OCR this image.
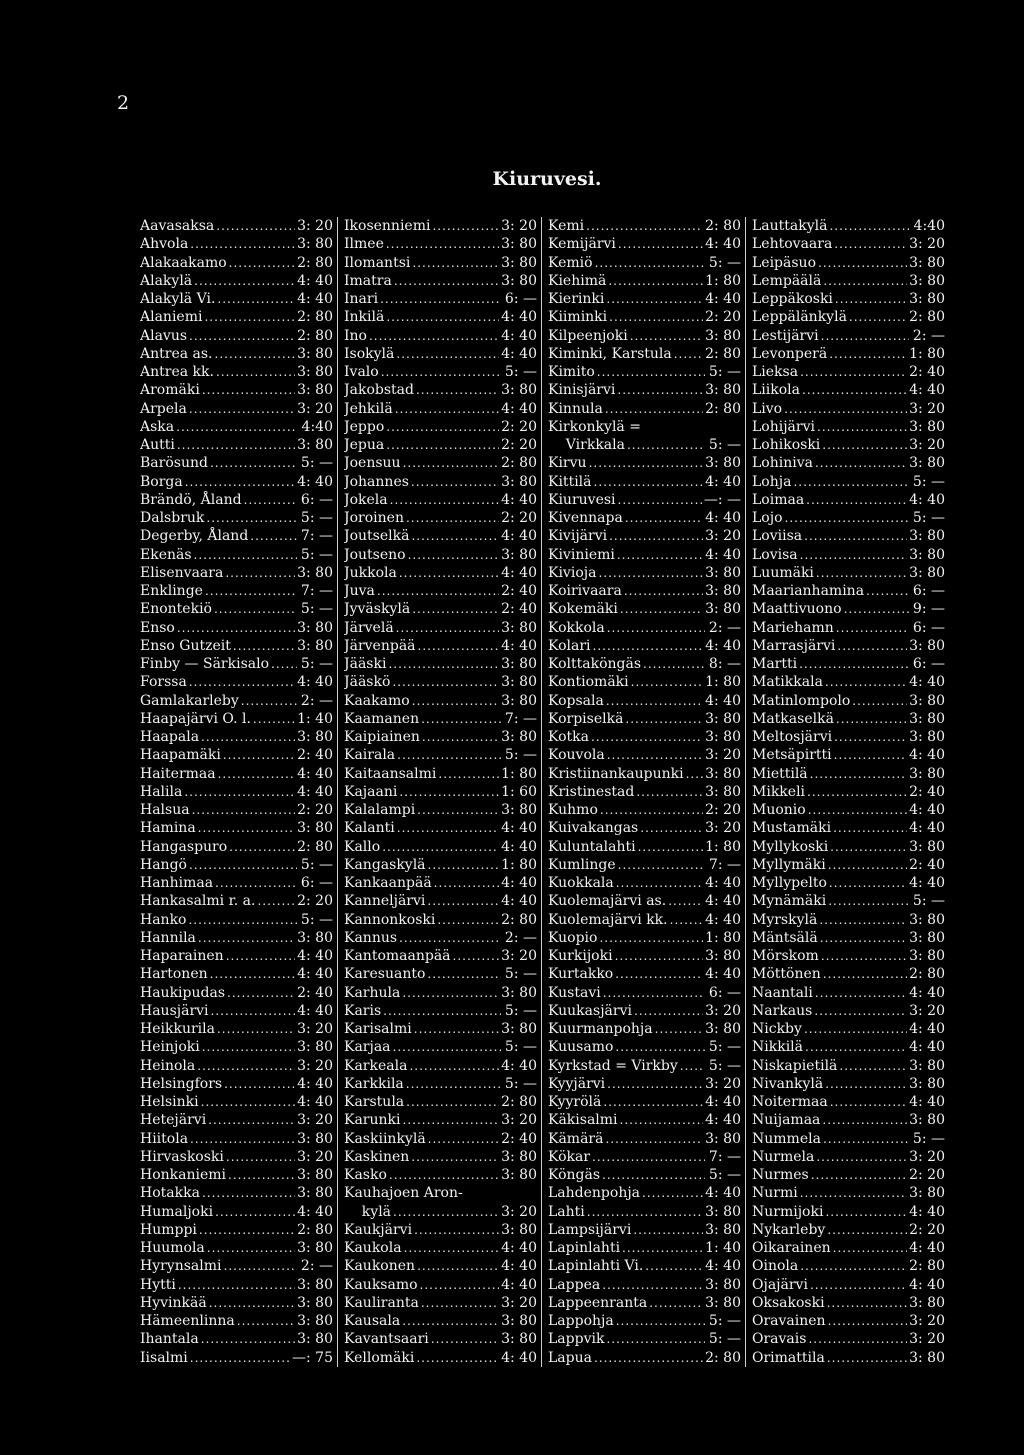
2
Kiuruvesi.
Aavasaksa .....	3: 20
Ahvola .....	3: 80
Alakaakamo .....	2: 80
Alakylä .....	4: 40
Alakylä Vi. .....	4: 40
Alaniemi .....	2: 80
Alavus .....	2: 80
Antrea as. .....	3: 80
Antrea kk. .....	3: 80
Aromäki .....	3: 80
Arpela .....	3: 20
Aska .....	4:40
Autti .....	3: 80
Barösund .....	5: —
Borga .....	4: 40
Brändö, Åland .....	6: —
Dalsbruk .....	5: —
Degerby, Åland .....	7: —
Ekenäs .....	5: —
Elisenvaara .....	3: 80
Enklinge .....	7: —
Enontekiö .....	5: —
Enso .....	3: 80
Enso Gutzeit .....	3: 80
Finby — Särkisalo ..... 5: —
Forssa .....	4: 40
Gamlakarleby .....	2: —
Haapajärvi O. l. .....	1: 40
Haapala .....	3: 80
Haapamäki .....	2: 40
Haitermaa .....	4: 40
Halila .....	4: 40
Halsua .....	2: 20
Hamina .....	3: 80
Hangaspuro .....	2: 80
Hangö .....	5: —
Hanhimaa .....	6: —
Hankasalmi r. a. .....	2: 20
Hanko .....	5: —
Hannila .....	3: 80
Haparainen .....	4: 40
Hartonen .....	4: 40
Haukipudas .....	2: 40
Hausjärvi .....	4: 40
Heikkurila .....	3: 20
Heinjoki .....	3: 80
Heinola .....	3: 20
Helsingfors .....	4: 40
Helsinki .....	4: 40
Hetejärvi .....	3: 20
Hiitola .....	3: 80
Hirvaskoski .....	3: 20
Honkaniemi .....	3: 80
Hotakka .....	3: 80
Humaljoki .....	4: 40
Humppi .....	2: 80
Huumola .....	3: 80
Hyrynsalmi .....	2: —
Hytti .....	3: 80
Hyvinkää .....	3: 80
Hämeenlinna .....	3: 80
Ihantala .....	3: 80
Iisalmi .....	—: 75
Ikosenniemi .....	3: 20
Ilmee .....	3: 80
Ilomantsi .....	3: 80
Imatra .....	3: 80
Inari .....	6: —
Inkilä .....	4: 40
Ino .....	4: 40
Isokylä .....	4: 40
Ivalo .....	5: —
Jakobstad .....	3: 80
Jehkilä .....	4: 40
Jeppo .....	2: 20
Jepua .....	2: 20
Joensuu .....	2: 80
Johannes .....	3: 80
Jokela .....	4: 40
Joroinen .....	2: 20
Joutselkä .....	4: 40
Joutseno .....	3: 80
Jukkola .....	4: 40
Juva .....	2: 40
Jyväskylä .....	2: 40
Järvelä .....	3: 80
Järvenpää .....	4: 40
Jääski .....	3: 80
Jääskö .....	3: 80
Kaakamo .....	3: 80
Kaamanen .....	7: —
Kaipiainen .....	3: 80
Kairala .....	5: —
Kaitaansalmi .....	1: 80
Kajaani .....	1: 60
Kalalampi .....	3: 80
Kalanti .....	4: 40
Kallo .....	4: 40
Kangaskylä .....	1: 80
Kankaanpää .....	4: 40
Kanneljärvi .....	4: 40
Kannonkoski .....	2: 80
Kannus .....	2: —
Kantomaanpää .....	3: 20
Karesuanto .....	5: —
Karhula .....	3: 80
Karis .....	5: —
Karisalmi .....	3: 80
Karjaa .....	5: —
Karkeala .....	4: 40
Karkkila .....	5: —
Karstula .....	2: 80
Karunki .....	3: 20
Kaskiinkylä .....	2: 40
Kaskinen .....	3: 80
Kasko .....	3: 80
Kauhajoen Aron-
kylä .....	3: 20
Kaukjärvi .....	3: 80
Kaukola .....	4: 40
Kaukonen .....	4: 40
Kauksamo .....	4: 40
Kauliranta .....	3: 20
Kausala .....	3: 80
Kavantsaari .....	3: 80
Kellomäki .....	4: 40
Kemi .....	2: 80
Kemijärvi .....	4: 40
Kemiö .....	5: —
Kiehimä .....	1: 80
Kierinki .....	4: 40
Kiiminki .....	2: 20
Kilpeenjoki .....	3: 80
Kiminki, Karstula ..... 2: 80
Kimito .....	5: —
Kinisjärvi .....	3: 80
Kinnula .....	2: 80
Kirkonkylä =
Virkkala .....	5: —
Kirvu .....	3: 80
Kittilä .....	4: 40
Kiuruvesi .....	—: —
Kivennapa .....	4: 40
Kivijärvi .....	3: 20
Kiviniemi .....	4: 40
Kivioja .....	3: 80
Koirivaara .....	3: 80
Kokemäki .....	3: 80
Kokkola .....	2: —
Kolari .....	4: 40
Kolttaköngäs .....	8: —
Kontiomäki .....	1: 80
Kopsala .....	4: 40
Korpiselkä .....	3: 80
Kotka .....	3: 80
Kouvola .....	3: 20
Kristiinankaupunki ..... 3: 80
Kristinestad .....	3: 80
Kuhmo .....	2: 20
Kuivakangas .....	3: 20
Kuluntalahti .....	1: 80
Kumlinge .....	7: —
Kuokkala .....	4: 40
Kuolemajärvi as. .....	4: 40
Kuolemajärvi kk. .....	4: 40
Kuopio .....	1: 80
Kurkijoki .....	3: 80
Kurtakko .....	4: 40
Kustavi .....	6: —
Kuukasjärvi .....	3: 20
Kuurmanpohja .....	3: 80
Kuusamo .....	5: —
Kyrkstad = Virkby ..... 5: —
Kyyjärvi .....	3: 20
Kyyrölä .....	4: 40
Käkisalmi .....	4: 40
Kämärä .....	3: 80
Kökar .....	7: —
Köngäs .....	5: —
Lahdenpohja .....	4: 40
Lahti .....	3: 80
Lampsijärvi .....	3: 80
Lapinlahti .....	1: 40
Lapinlahti Vi. .....	4: 40
Lappea .....	3: 80
Lappeenranta .....	3: 80
Lappohja .....	5: —
Lappvik .....	5: —
Lapua .....	2: 80
Lauttakylä .....	4:40
Lehtovaara .....	3: 20
Leipäsuo .....	3: 80
Lempäälä .....	3: 80
Leppäkoski .....	3: 80
Leppälänkylä .....	2: 80
Lestijärvi .....	2: —
Levonperä .....	1: 80
Lieksa .....	2: 40
Liikola .....	4: 40
Livo .....	3: 20
Lohijärvi .....	3: 80
Lohikoski .....	3: 20
Lohiniva .....	3: 80
Lohja .....	5: —
Loimaa .....	4: 40
Lojo .....	5: —
Loviisa .....	3: 80
Lovisa .....	3: 80
Luumäki .....	3: 80
Maarianhamina .....	6: —
Maattivuono .....	9: —
Mariehamn .....	6: —
Marrasjärvi .....	3: 80
Martti .....	6: —
Matikkala .....	4: 40
Matinlompolo .....	3: 80
Matkaselkä .....	3: 80
Meltosjärvi .....	3: 80
Metsäpirtti .....	4: 40
Miettilä .....	3: 80
Mikkeli .....	2: 40
Muonio .....	4: 40
Mustamäki .....	4: 40
Myllykoski .....	3: 80
Myllymäki .....	2: 40
Myllypelto .....	4: 40
Mynämäki .....	5: —
Myrskylä .....	3: 80
Mäntsälä .....	3: 80
Mörskom .....	3: 80
Möttönen .....	2: 80
Naantali .....	4: 40
Narkaus .....	3: 20
Nickby .....	4: 40
Nikkilä .....	4: 40
Niskapietilä .....	3: 80
Nivankylä .....	3: 80
Noitermaa .....	4: 40
Nuijamaa .....	3: 80
Nummela .....	5: —
Nurmela .....	3: 20
Nurmes .....	2: 20
Nurmi .....	3: 80
Nurmijoki .....	4: 40
Nykarleby .....	2: 20
Oikarainen .....	4: 40
Oinola .....	2: 80
Ojajärvi .....	4: 40
Oksakoski .....	3: 80
Oravainen .....	3: 20
Oravais .....	3: 20
Orimattila .....	3: 80
